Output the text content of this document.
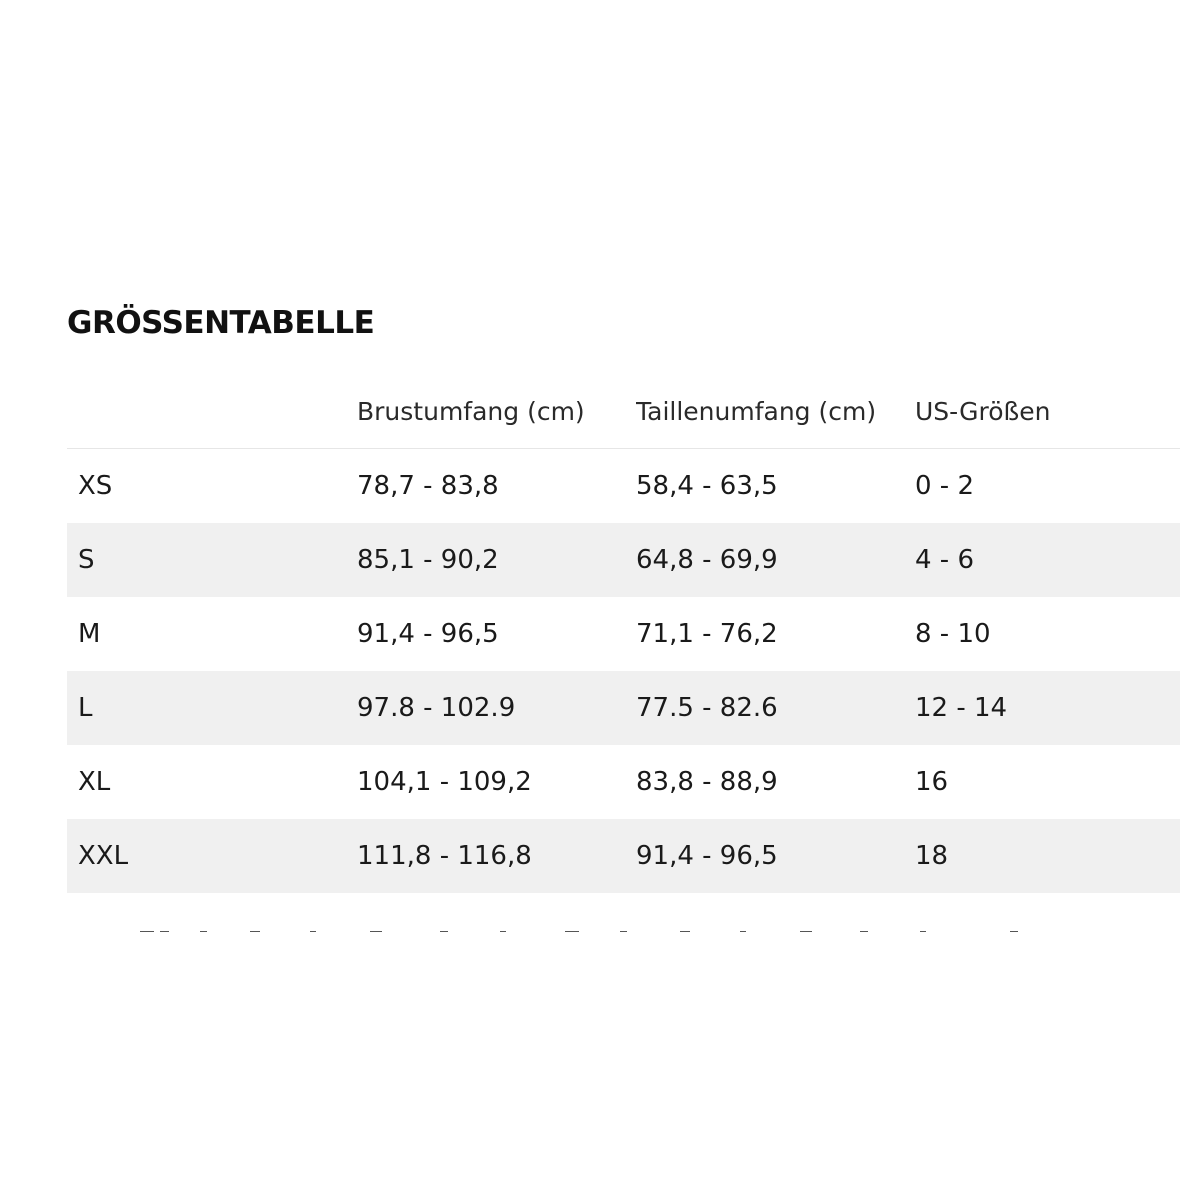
GRÖSSENTABELLE
	Brustumfang (cm)	Taillenumfang (cm)	US-Größen
XS	78,7 - 83,8	58,4 - 63,5	0 - 2
S	85,1 - 90,2	64,8 - 69,9	4 - 6
M	91,4 - 96,5	71,1 - 76,2	8 - 10
L	97.8 - 102.9	77.5 - 82.6	12 - 14
XL	104,1 - 109,2	83,8 - 88,9	16
XXL	111,8 - 116,8	91,4 - 96,5	18
